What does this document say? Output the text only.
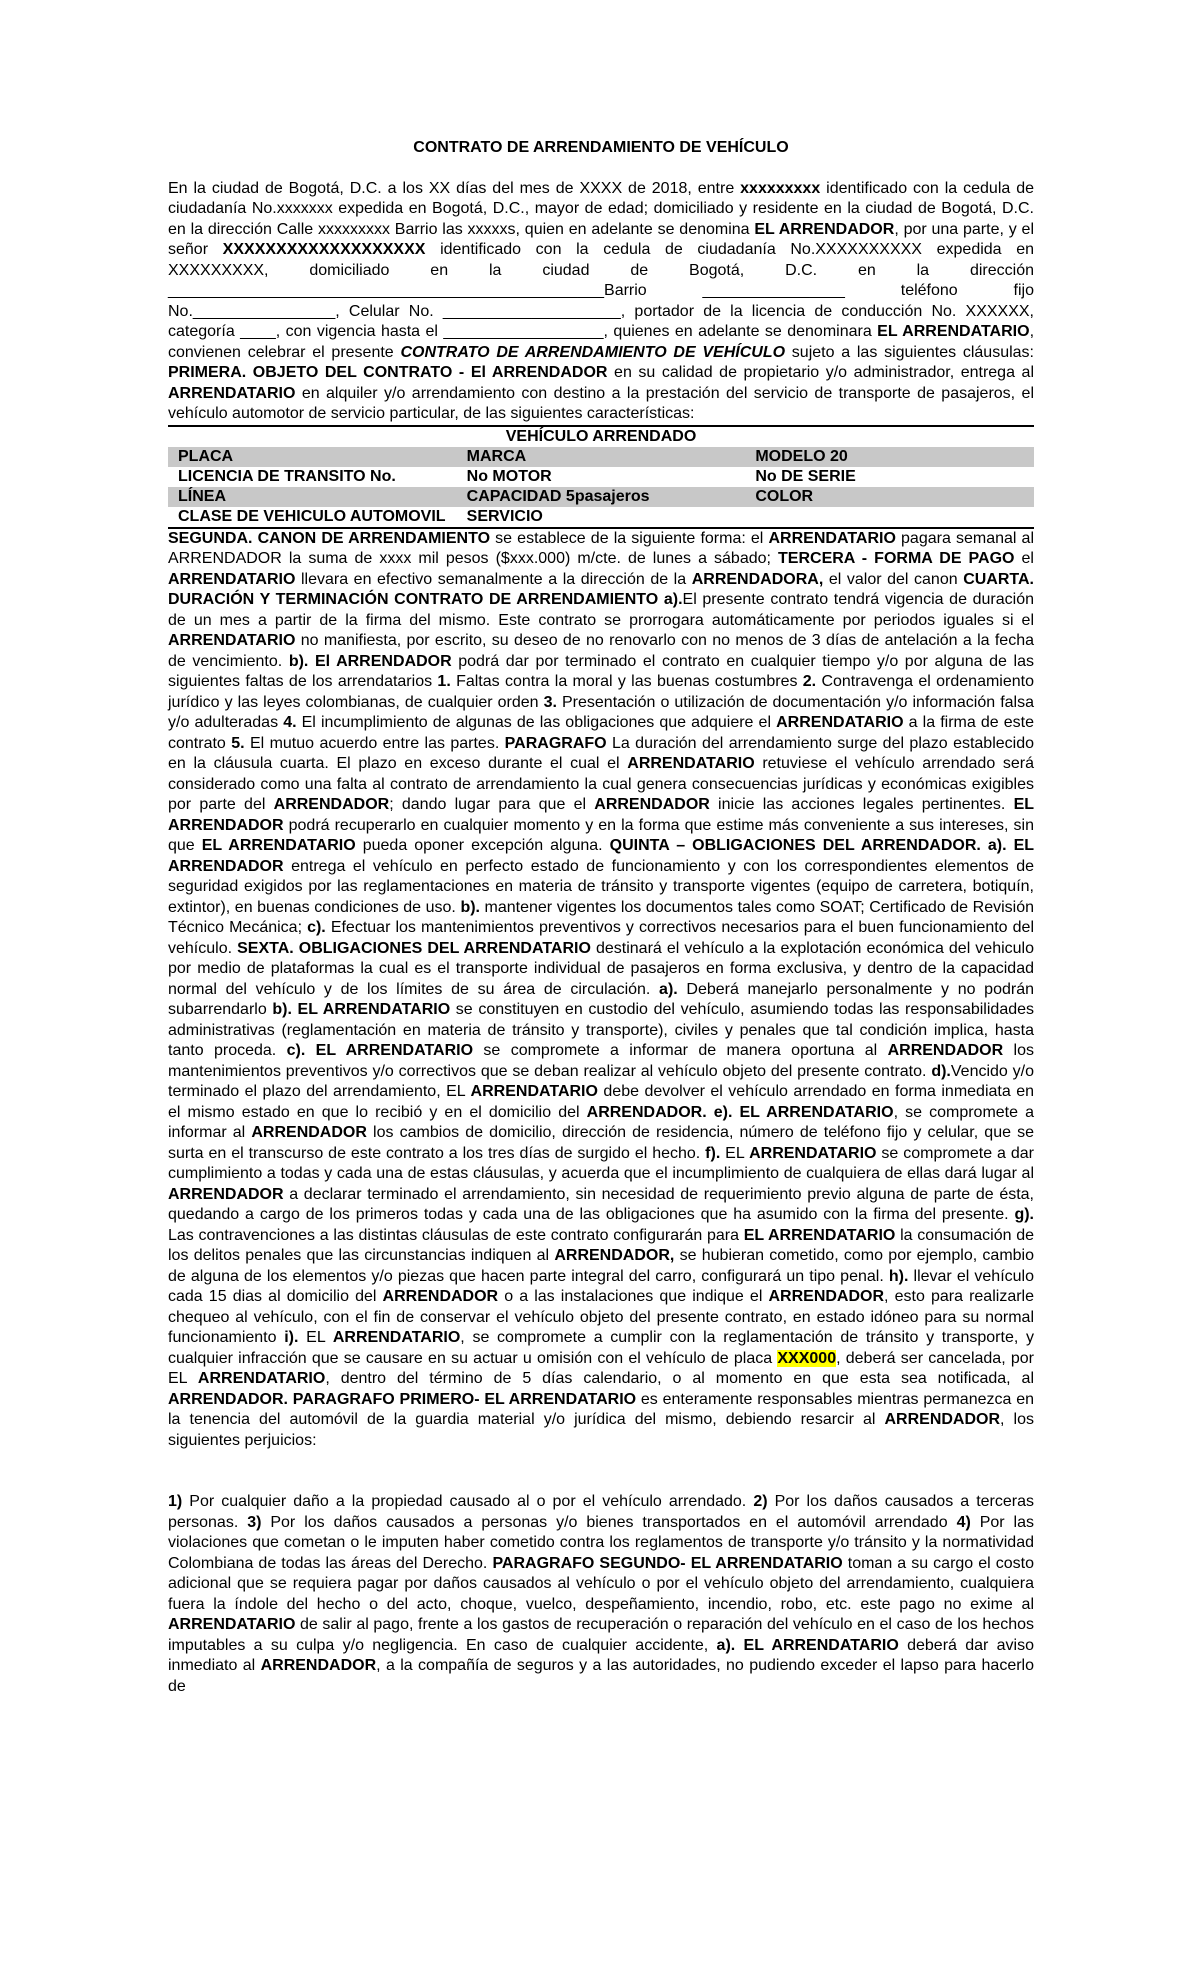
CONTRATO DE ARRENDAMIENTO DE VEHÍCULO

En la ciudad de Bogotá, D.C. a los XX días del mes de XXXX de 2018, entre xxxxxxxxx identificado con la cedula de ciudadanía No.xxxxxxx expedida en Bogotá, D.C., mayor de edad; domiciliado y residente en la ciudad de Bogotá, D.C. en la dirección Calle xxxxxxxxx Barrio las xxxxxs, quien en adelante se denomina EL ARRENDADOR, por una parte, y el señor XXXXXXXXXXXXXXXXXXX identificado con la cedula de ciudadanía No.XXXXXXXXXX expedida en XXXXXXXXX, domiciliado en la ciudad de Bogotá, D.C. en la dirección _________________________________________________Barrio ________________ teléfono fijo No.________________, Celular No. ____________________, portador de la licencia de conducción No. XXXXXX, categoría ____, con vigencia hasta el __________________, quienes en adelante se denominara EL ARRENDATARIO, convienen celebrar el presente CONTRATO DE ARRENDAMIENTO DE VEHÍCULO sujeto a las siguientes cláusulas: PRIMERA. OBJETO DEL CONTRATO - El ARRENDADOR en su calidad de propietario y/o administrador, entrega al ARRENDATARIO en alquiler y/o arrendamiento con destino a la prestación del servicio de transporte de pasajeros, el vehículo automotor de servicio particular, de las siguientes características:

VEHÍCULO ARRENDADO		
PLACA	MARCA	MODELO 20
LICENCIA DE TRANSITO No.	No MOTOR	No DE SERIE
LÍNEA	CAPACIDAD 5pasajeros	COLOR
CLASE DE VEHICULO AUTOMOVIL	SERVICIO	

SEGUNDA. CANON DE ARRENDAMIENTO se establece de la siguiente forma: el ARRENDATARIO pagara semanal al ARRENDADOR la suma de xxxx mil pesos ($xxx.000) m/cte. de lunes a sábado; TERCERA - FORMA DE PAGO el ARRENDATARIO llevara en efectivo semanalmente a la dirección de la ARRENDADORA, el valor del canon CUARTA. DURACIÓN Y TERMINACIÓN CONTRATO DE ARRENDAMIENTO a).El presente contrato tendrá vigencia de duración de un mes a partir de la firma del mismo. Este contrato se prorrogara automáticamente por periodos iguales si el ARRENDATARIO no manifiesta, por escrito, su deseo de no renovarlo con no menos de 3 días de antelación a la fecha de vencimiento. b). El ARRENDADOR podrá dar por terminado el contrato en cualquier tiempo y/o por alguna de las siguientes faltas de los arrendatarios 1. Faltas contra la moral y las buenas costumbres 2. Contravenga el ordenamiento jurídico y las leyes colombianas, de cualquier orden 3. Presentación o utilización de documentación y/o información falsa y/o adulteradas 4. El incumplimiento de algunas de las obligaciones que adquiere el ARRENDATARIO a la firma de este contrato 5. El mutuo acuerdo entre las partes. PARAGRAFO La duración del arrendamiento surge del plazo establecido en la cláusula cuarta. El plazo en exceso durante el cual el ARRENDATARIO retuviese el vehículo arrendado será considerado como una falta al contrato de arrendamiento la cual genera consecuencias jurídicas y económicas exigibles por parte del ARRENDADOR; dando lugar para que el ARRENDADOR inicie las acciones legales pertinentes. EL ARRENDADOR podrá recuperarlo en cualquier momento y en la forma que estime más conveniente a sus intereses, sin que EL ARRENDATARIO pueda oponer excepción alguna. QUINTA – OBLIGACIONES DEL ARRENDADOR. a). EL ARRENDADOR entrega el vehículo en perfecto estado de funcionamiento y con los correspondientes elementos de seguridad exigidos por las reglamentaciones en materia de tránsito y transporte vigentes (equipo de carretera, botiquín, extintor), en buenas condiciones de uso. b). mantener vigentes los documentos tales como SOAT; Certificado de Revisión Técnico Mecánica; c). Efectuar los mantenimientos preventivos y correctivos necesarios para el buen funcionamiento del vehículo. SEXTA. OBLIGACIONES DEL ARRENDATARIO destinará el vehículo a la explotación económica del vehiculo por medio de plataformas la cual es el transporte individual de pasajeros en forma exclusiva, y dentro de la capacidad normal del vehículo y de los límites de su área de circulación. a). Deberá manejarlo personalmente y no podrán subarrendarlo b). EL ARRENDATARIO se constituyen en custodio del vehículo, asumiendo todas las responsabilidades administrativas (reglamentación en materia de tránsito y transporte), civiles y penales que tal condición implica, hasta tanto proceda. c). EL ARRENDATARIO se compromete a informar de manera oportuna al ARRENDADOR los mantenimientos preventivos y/o correctivos que se deban realizar al vehículo objeto del presente contrato. d).Vencido y/o terminado el plazo del arrendamiento, EL ARRENDATARIO debe devolver el vehículo arrendado en forma inmediata en el mismo estado en que lo recibió y en el domicilio del ARRENDADOR. e). EL ARRENDATARIO, se compromete a informar al ARRENDADOR los cambios de domicilio, dirección de residencia, número de teléfono fijo y celular, que se surta en el transcurso de este contrato a los tres días de surgido el hecho. f). EL ARRENDATARIO se compromete a dar cumplimiento a todas y cada una de estas cláusulas, y acuerda que el incumplimiento de cualquiera de ellas dará lugar al ARRENDADOR a declarar terminado el arrendamiento, sin necesidad de requerimiento previo alguna de parte de ésta, quedando a cargo de los primeros todas y cada una de las obligaciones que ha asumido con la firma del presente. g). Las contravenciones a las distintas cláusulas de este contrato configurarán para EL ARRENDATARIO la consumación de los delitos penales que las circunstancias indiquen al ARRENDADOR, se hubieran cometido, como por ejemplo, cambio de alguna de los elementos y/o piezas que hacen parte integral del carro, configurará un tipo penal. h). llevar el vehículo cada 15 dias al domicilio del ARRENDADOR o a las instalaciones que indique el ARRENDADOR, esto para realizarle chequeo al vehículo, con el fin de conservar el vehículo objeto del presente contrato, en estado idóneo para su normal funcionamiento i). EL ARRENDATARIO, se compromete a cumplir con la reglamentación de tránsito y transporte, y cualquier infracción que se causare en su actuar u omisión con el vehículo de placa XXX000, deberá ser cancelada, por EL ARRENDATARIO, dentro del término de 5 días calendario, o al momento en que esta sea notificada, al ARRENDADOR. PARAGRAFO PRIMERO- EL ARRENDATARIO es enteramente responsables mientras permanezca en la tenencia del automóvil de la guardia material y/o jurídica del mismo, debiendo resarcir al ARRENDADOR, los siguientes perjuicios:

1) Por cualquier daño a la propiedad causado al o por el vehículo arrendado. 2) Por los daños causados a terceras personas. 3) Por los daños causados a personas y/o bienes transportados en el automóvil arrendado 4) Por las violaciones que cometan o le imputen haber cometido contra los reglamentos de transporte y/o tránsito y la normatividad Colombiana de todas las áreas del Derecho. PARAGRAFO SEGUNDO- EL ARRENDATARIO toman a su cargo el costo adicional que se requiera pagar por daños causados al vehículo o por el vehículo objeto del arrendamiento, cualquiera fuera la índole del hecho o del acto, choque, vuelco, despeñamiento, incendio, robo, etc. este pago no exime al ARRENDATARIO de salir al pago, frente a los gastos de recuperación o reparación del vehículo en el caso de los hechos imputables a su culpa y/o negligencia. En caso de cualquier accidente, a). EL ARRENDATARIO deberá dar aviso inmediato al ARRENDADOR, a la compañía de seguros y a las autoridades, no pudiendo exceder el lapso para hacerlo de
